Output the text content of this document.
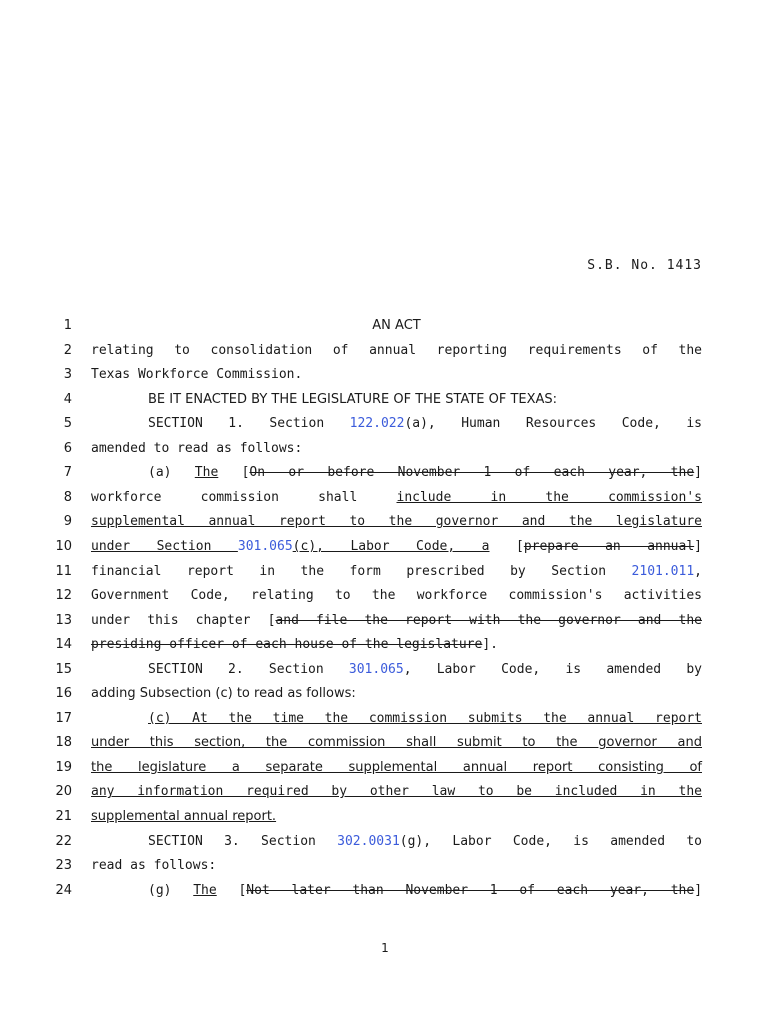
S.B. No. 1413
1	AN ACT
2 relating to consolidation of annual reporting requirements of the
3 Texas Workforce Commission.
4	BE IT ENACTED BY THE LEGISLATURE OF THE STATE OF TEXAS:
5	SECTION 1. Section 122.022(a), Human Resources Code, is
6 amended to read as follows:
7	(a) The [On or before November 1 of each year, the]
8 workforce commission shall include in the commission's
9 supplemental annual report to the governor and the legislature
10 under Section 301.065(c), Labor Code, a [prepare an annual]
11 financial report in the form prescribed by Section 2101.011,
12 Government Code, relating to the workforce commission's activities
13 under this chapter [and file the report with the governor and the
14 presiding officer of each house of the legislature].
15	SECTION 2. Section 301.065, Labor Code, is amended by
16 adding Subsection (c) to read as follows:
17	(c) At the time the commission submits the annual report
18 under this section, the commission shall submit to the governor and
19 the legislature a separate supplemental annual report consisting of
20 any information required by other law to be included in the
21 supplemental annual report.
22	SECTION 3. Section 302.0031(g), Labor Code, is amended to
23 read as follows:
24	(g) The [Not later than November 1 of each year, the]
1
